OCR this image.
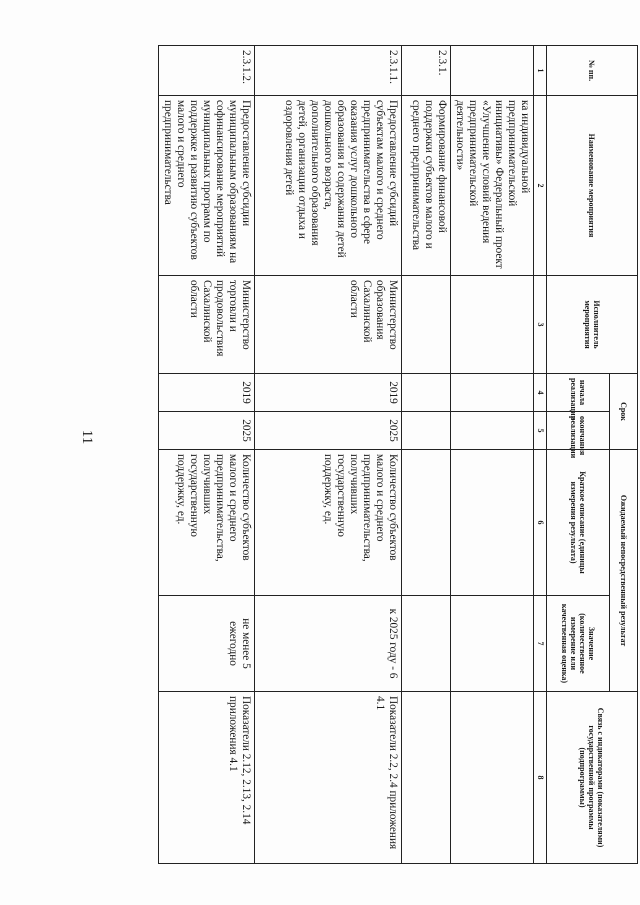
11
№ пп.	Наименование мероприятия	Исполнитель мероприятия	Срок		Ожидаемый непосредственный результат		Связь с индикаторами (показателями) государственной программы (подпрограммы)
			начала реализации	окончания реализации	Краткое описание (единицы измерения результата)	Значение (количественное измерение или качественная оценка)	
1	2	3	4	5	6	7	8
	ка индивидуальной предпринимательской инициативы» Федеральный проект «Улучшение условий ведения предпринимательской деятельности»						
2.3.1.	Формирование финансовой поддержки субъектов малого и среднего предпринимательства						
2.3.1.1.	Предоставление субсидий субъектам малого и среднего предпринимательства в сфере оказания услуг дошкольного образования и содержания детей дошкольного возраста, дополнительного образования детей, организации отдыха и оздоровления детей	Министерство образования Сахалинской области	2019	2025	Количество субъектов малого и среднего предпринимательства, получивших государственную поддержку, ед.	к 2025 году - 6	Показатели 2.2, 2.4 приложения 4.1
2.3.1.2.	Предоставление субсидии муниципальным образованиям на софинансирование мероприятий муниципальных программ по поддержке и развитию субъектов малого и среднего предпринимательства	Министерство торговли и продовольствия Сахалинской области	2019	2025	Количество субъектов малого и среднего предпринимательства, получивших государственную поддержку, ед.	не менее 5 ежегодно	Показатели 2.12, 2.13, 2.14 приложения 4.1
